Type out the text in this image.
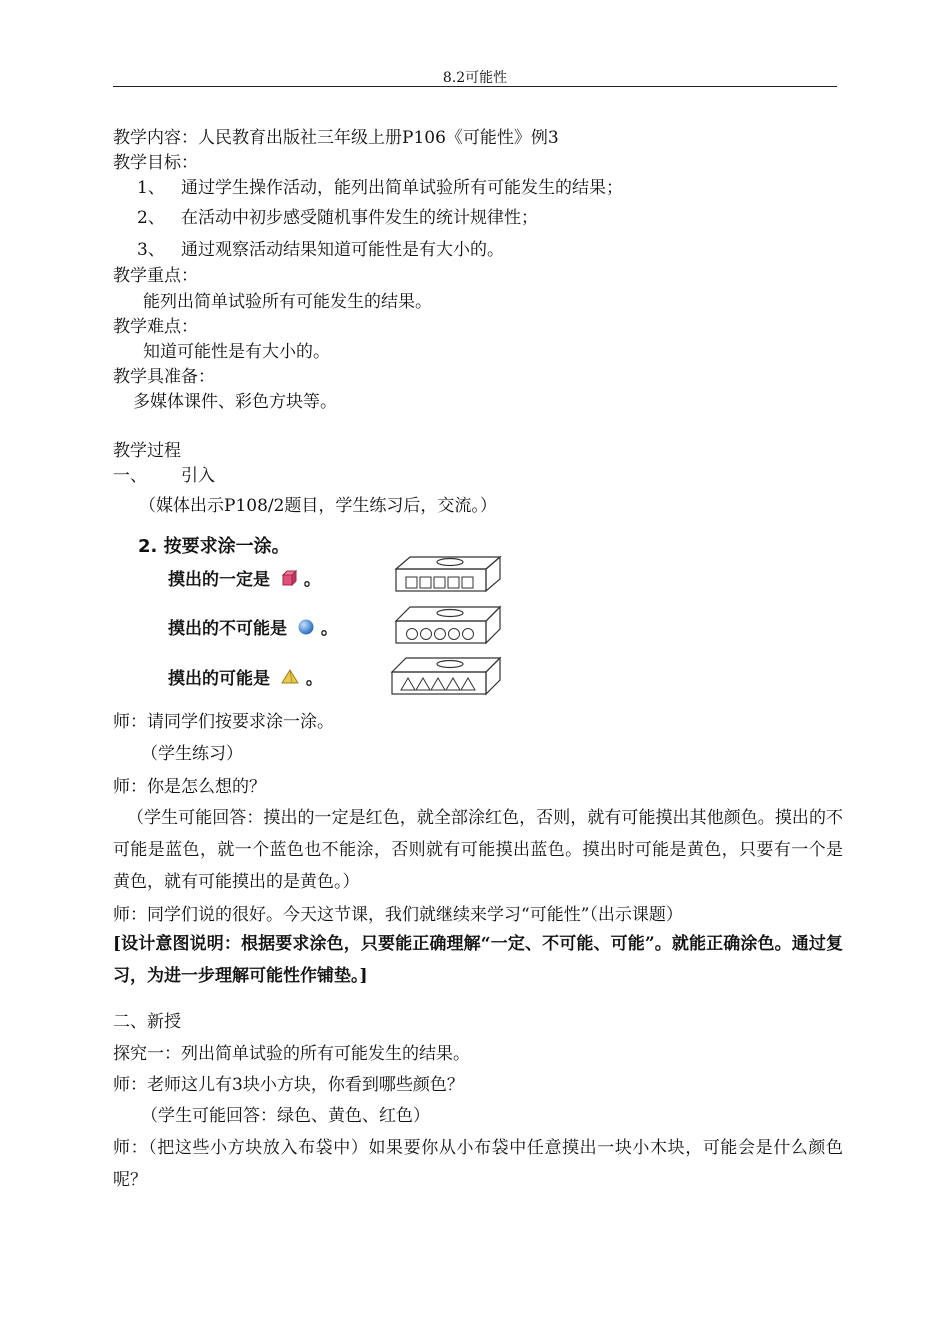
8.2可能性
教学内容：人民教育出版社三年级上册P106《可能性》例3
教学目标：
1、 通过学生操作活动，能列出简单试验所有可能发生的结果；
2、 在活动中初步感受随机事件发生的统计规律性；
3、 通过观察活动结果知道可能性是有大小的。
教学重点：
能列出简单试验所有可能发生的结果。
教学难点：
知道可能性是有大小的。
教学具准备：
多媒体课件、彩色方块等。
教学过程
一、 引入
（媒体出示P108/2题目，学生练习后，交流。）
2. 按要求涂一涂。
摸出的一定是 。
摸出的不可能是 。
摸出的可能是 。
师：请同学们按要求涂一涂。
（学生练习）
师：你是怎么想的？
（学生可能回答：摸出的一定是红色，就全部涂红色，否则，就有可能摸出其他颜色。摸出的不可能是蓝色，就一个蓝色也不能涂，否则就有可能摸出蓝色。摸出时可能是黄色，只要有一个是黄色，就有可能摸出的是黄色。）
师：同学们说的很好。今天这节课，我们就继续来学习“可能性”（出示课题）
[设计意图说明：根据要求涂色，只要能正确理解“一定、不可能、可能”。就能正确涂色。通过复习，为进一步理解可能性作铺垫。]
二、新授
探究一：列出简单试验的所有可能发生的结果。
师：老师这儿有3块小方块，你看到哪些颜色？
（学生可能回答：绿色、黄色、红色）
师：（把这些小方块放入布袋中）如果要你从小布袋中任意摸出一块小木块，可能会是什么颜色呢？
